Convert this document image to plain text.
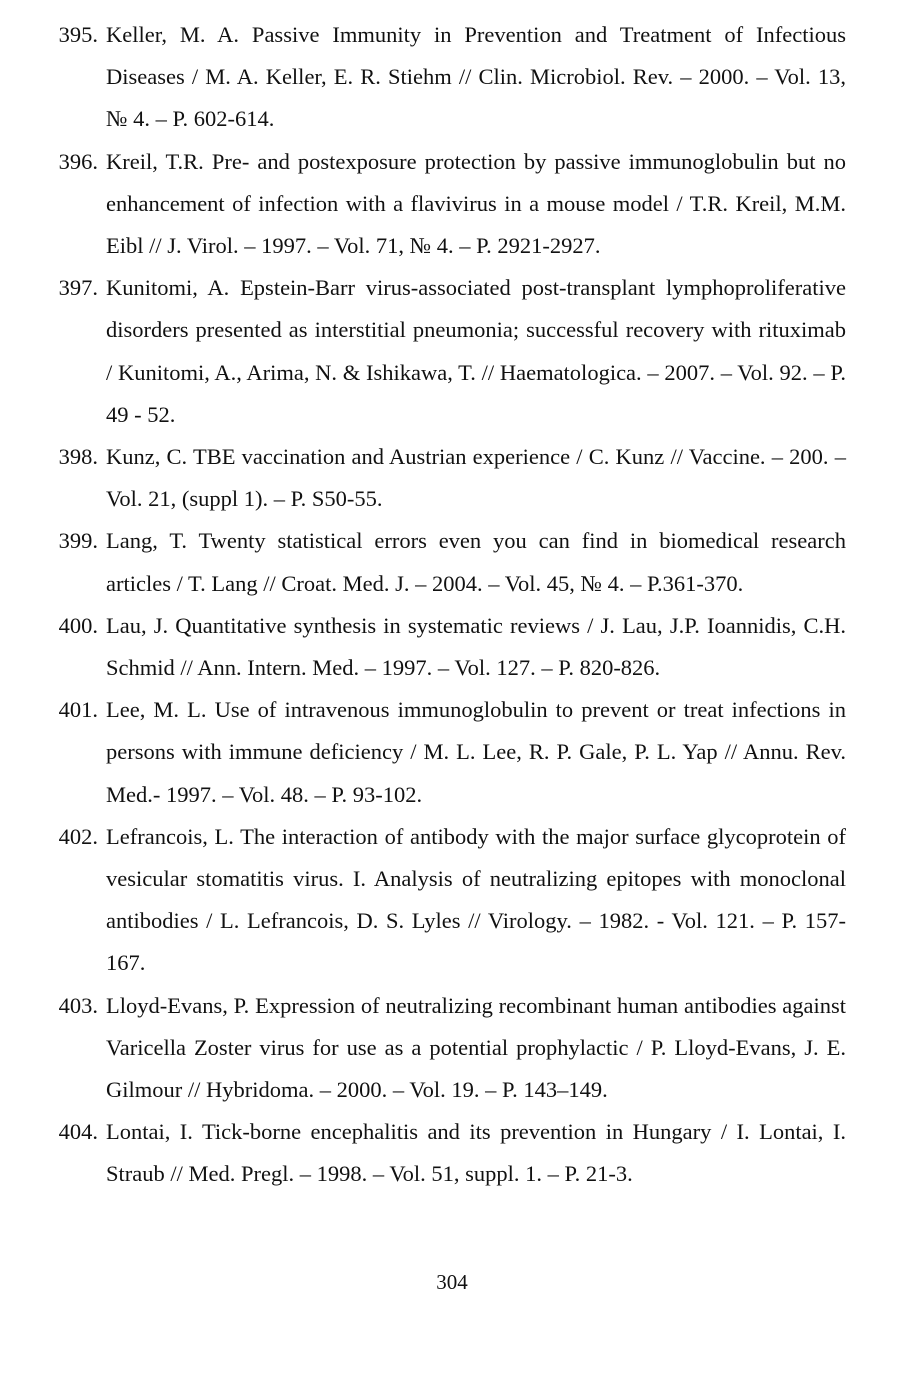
395. Keller, M. A. Passive Immunity in Prevention and Treatment of Infectious Diseases / M. A. Keller, E. R. Stiehm // Clin. Microbiol. Rev. – 2000. – Vol. 13, № 4. – P. 602-614.

396. Kreil, T.R. Pre- and postexposure protection by passive immunoglobulin but no enhancement of infection with a flavivirus in a mouse model / T.R. Kreil, M.M. Eibl // J. Virol. – 1997. – Vol. 71, № 4. – P. 2921-2927.

397. Kunitomi, A. Epstein-Barr virus-associated post-transplant lymphoproliferative disorders presented as interstitial pneumonia; successful recovery with rituximab / Kunitomi, A., Arima, N. & Ishikawa, T. // Haematologica. – 2007. – Vol. 92. – P. 49 - 52.

398. Kunz, C. TBE vaccination and Austrian experience / C. Kunz // Vaccine. – 200. – Vol. 21, (suppl 1). – P. S50-55.

399. Lang, T. Twenty statistical errors even you can find in biomedical research articles / T. Lang // Croat. Med. J. – 2004. – Vol. 45, № 4. – P.361-370.

400. Lau, J. Quantitative synthesis in systematic reviews / J. Lau, J.P. Ioannidis, C.H. Schmid // Ann. Intern. Med. – 1997. – Vol. 127. – P. 820-826.

401. Lee, M. L. Use of intravenous immunoglobulin to prevent or treat infections in persons with immune deficiency / M. L. Lee, R. P. Gale, P. L. Yap // Annu. Rev. Med.- 1997. – Vol. 48. – P. 93-102.

402. Lefrancois, L. The interaction of antibody with the major surface glycoprotein of vesicular stomatitis virus. I. Analysis of neutralizing epitopes with monoclonal antibodies / L. Lefrancois, D. S. Lyles // Virology. – 1982. - Vol. 121. – P. 157-167.

403. Lloyd-Evans, P. Expression of neutralizing recombinant human antibodies against Varicella Zoster virus for use as a potential prophylactic / P. Lloyd-Evans, J. E. Gilmour // Hybridoma. – 2000. – Vol. 19. – P. 143–149.

404. Lontai, I. Tick-borne encephalitis and its prevention in Hungary / I. Lontai, I. Straub // Med. Pregl. – 1998. – Vol. 51, suppl. 1. – P. 21-3.

304
